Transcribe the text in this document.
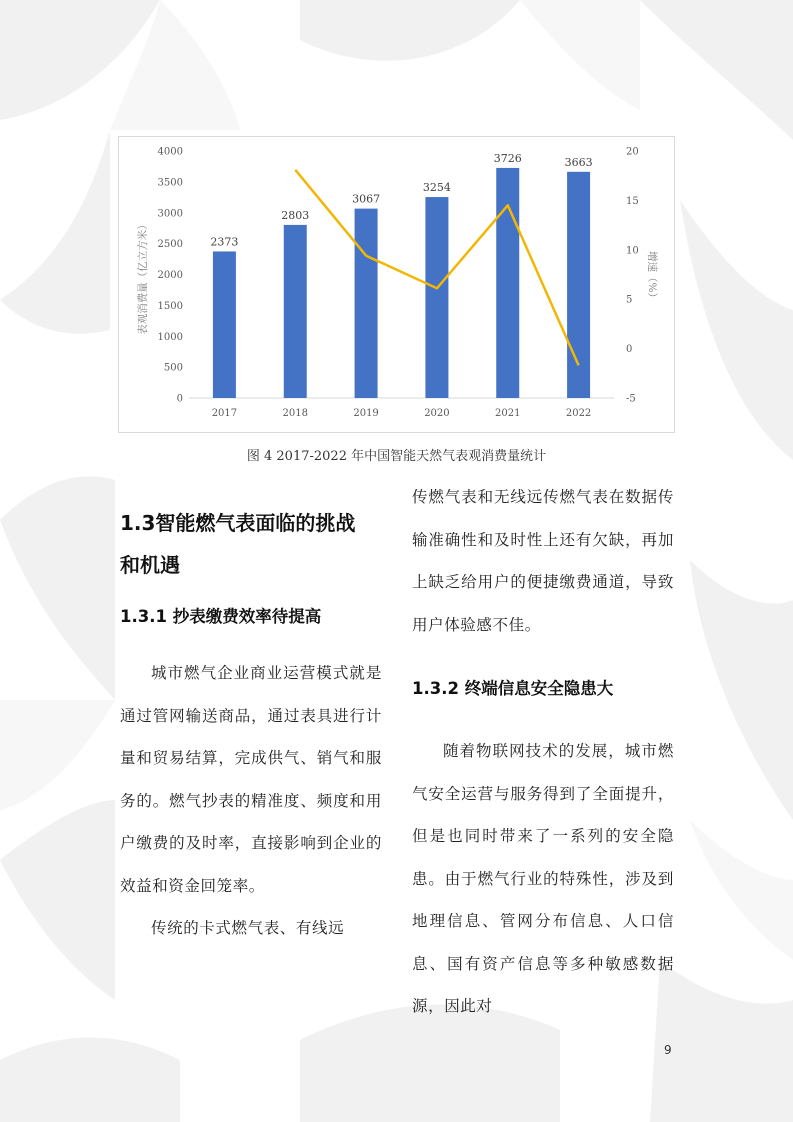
0
500
1000
1500
2000
2500
3000
3500
4000
-5
0
5
10
15
20
2017	2018	2019	2020	2021	2022
2373
2803
3067
3254
3726	3663
表观消费量（亿立方米）	增速（%）
图 4 2017-2022 年中国智能天然气表观消费量统计

1.3智能燃气表面临的挑战
和机遇

1.3.1 抄表缴费效率待提高

城市燃气企业商业运营模式就是通过管网输送商品，通过表具进行计量和贸易结算，完成供气、销气和服务的。燃气抄表的精准度、频度和用户缴费的及时率，直接影响到企业的效益和资金回笼率。

传统的卡式燃气表、有线远

传燃气表和无线远传燃气表在数据传输准确性和及时性上还有欠缺，再加上缺乏给用户的便捷缴费通道，导致用户体验感不佳。

1.3.2 终端信息安全隐患大

随着物联网技术的发展，城市燃气安全运营与服务得到了全面提升，但是也同时带来了一系列的安全隐患。由于燃气行业的特殊性，涉及到地理信息、管网分布信息、人口信息、国有资产信息等多种敏感数据源，因此对

9
